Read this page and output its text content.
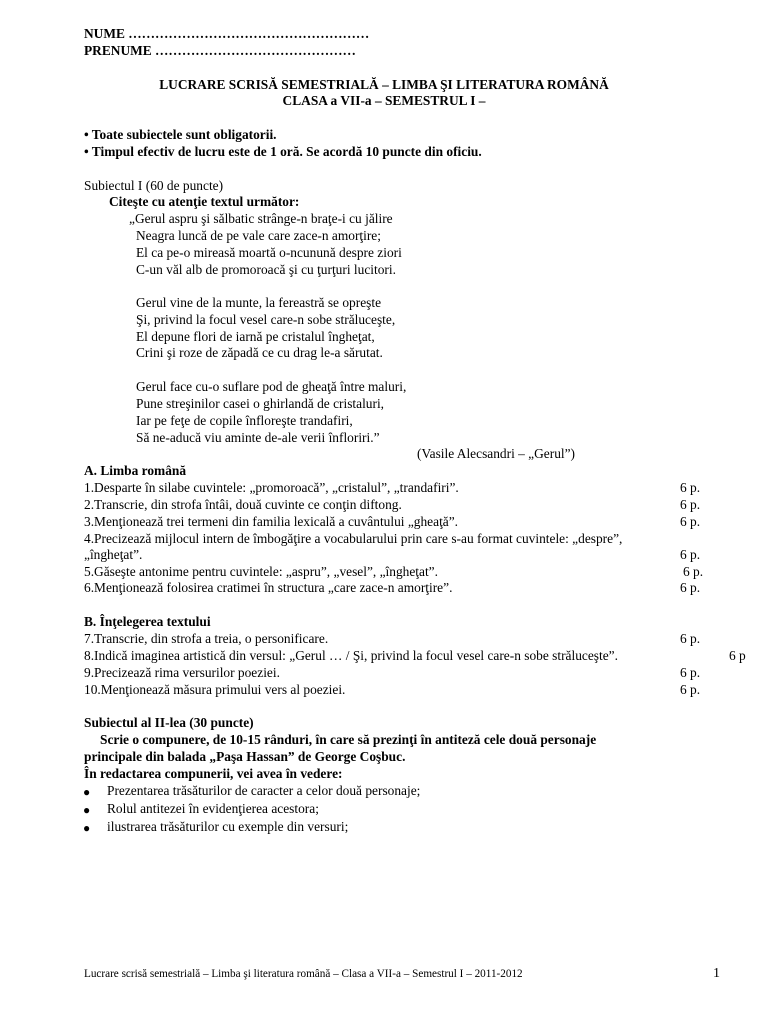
NUME ………………………………………………
PRENUME ………………………………………
LUCRARE SCRISĂ SEMESTRIALĂ – LIMBA ŞI LITERATURA ROMÂNĂ
CLASA a VII-a – SEMESTRUL I –
• Toate subiectele sunt obligatorii.
• Timpul efectiv de lucru este de 1 oră. Se acordă 10 puncte din oficiu.
Subiectul I (60 de puncte)
Citeşte cu atenţie textul următor:
„Gerul aspru şi sălbatic strânge-n braţe-i cu jălire
Neagra luncă de pe vale care zace-n amorţire;
El ca pe-o mireasă moartă o-ncunună despre ziori
C-un văl alb de promoroacă şi cu ţurţuri lucitori.
Gerul vine de la munte, la fereastră se opreşte
Şi, privind la focul vesel care-n sobe străluceşte,
El depune flori de iarnă pe cristalul îngheţat,
Crini şi roze de zăpadă ce cu drag le-a sărutat.
Gerul face cu-o suflare pod de gheaţă între maluri,
Pune streşinilor casei o ghirlandă de cristaluri,
Iar pe feţe de copile înfloreşte trandafiri,
Să ne-aducă viu aminte de-ale verii înfloriri.”
(Vasile Alecsandri – „Gerul”)
A. Limba română
1.Desparte în silabe cuvintele: „promoroacă”, „cristalul”, „trandafiri”.	6 p.
2.Transcrie, din strofa întâi, două cuvinte ce conţin diftong.	6 p.
3.Menţionează trei termeni din familia lexicală a cuvântului „gheaţă”.	6 p.
4.Precizează mijlocul intern de îmbogăţire a vocabularului prin care s-au format cuvintele: „despre”,
„îngheţat”.	6 p.
5.Găseşte antonime pentru cuvintele: „aspru”, „vesel”, „îngheţat”.	6 p.
6.Menţionează folosirea cratimei în structura „care zace-n amorţire”.	6 p.
B. Înţelegerea textului
7.Transcrie, din strofa a treia, o personificare.	6 p.
8.Indică imaginea artistică din versul: „Gerul … / Şi, privind la focul vesel care-n sobe străluceşte”.	6 p
9.Precizează rima versurilor poeziei.	6 p.
10.Menţionează măsura primului vers al poeziei.	6 p.
Subiectul al II-lea (30 puncte)
Scrie o compunere, de 10-15 rânduri, în care să prezinţi în antiteză cele două personaje
principale din balada „Paşa Hassan” de George Coşbuc.
În redactarea compunerii, vei avea în vedere:
● Prezentarea trăsăturilor de caracter a celor două personaje;
● Rolul antitezei în evidenţierea acestora;
● ilustrarea trăsăturilor cu exemple din versuri;
Lucrare scrisă semestrială – Limba şi literatura română – Clasa a VII-a – Semestrul I – 2011-2012	1
